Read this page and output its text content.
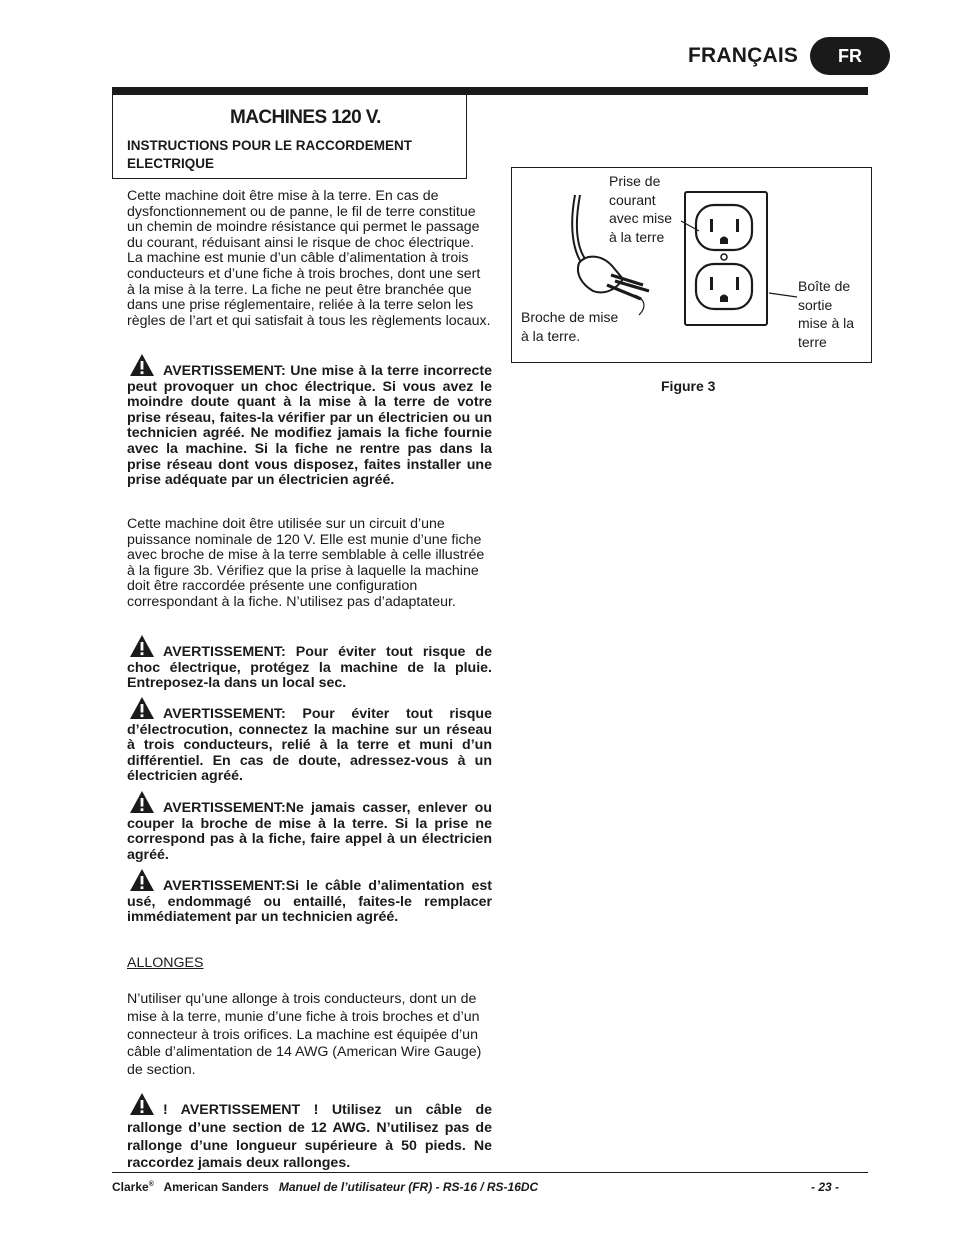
FRANÇAIS	FR
MACHINES 120 V.
INSTRUCTIONS POUR LE RACCORDEMENT ELECTRIQUE

Cette machine doit être mise à la terre. En cas de dysfonctionnement ou de panne, le fil de terre constitue un chemin de moindre résistance qui permet le passage du courant, réduisant ainsi le risque de choc électrique. La machine est munie d’un câble d’alimentation à trois conducteurs et d’une fiche à trois broches, dont une sert à la mise à la terre. La fiche ne peut être branchée que dans une prise réglementaire, reliée à la terre selon les règles de l’art et qui satisfait à tous les règlements locaux.

AVERTISSEMENT: Une mise à la terre incorrecte peut provoquer un choc électrique. Si vous avez le moindre doute quant à la mise à la terre de votre prise réseau, faites-la vérifier par un électricien ou un technicien agréé. Ne modifiez jamais la fiche fournie avec la machine. Si la fiche ne rentre pas dans la prise réseau dont vous disposez, faites installer une prise adéquate par un électricien agréé.

Cette machine doit être utilisée sur un circuit d’une puissance nominale de 120 V. Elle est munie d’une fiche avec broche de mise à la terre semblable à celle illustrée à la figure 3b. Vérifiez que la prise à laquelle la machine doit être raccordée présente une configuration correspondant à la fiche. N’utilisez pas d’adaptateur.

AVERTISSEMENT: Pour éviter tout risque de choc électrique, protégez la machine de la pluie. Entreposez-la dans un local sec.
AVERTISSEMENT: Pour éviter tout risque d’électrocution, connectez la machine sur un réseau à trois conducteurs, relié à la terre et muni d’un différentiel. En cas de doute, adressez-vous à un électricien agréé.
AVERTISSEMENT:Ne jamais casser, enlever ou couper la broche de mise à la terre. Si la prise ne correspond pas à la fiche, faire appel à un électricien agréé.
AVERTISSEMENT:Si le câble d’alimentation est usé, endommagé ou entaillé, faites-le remplacer immédiatement par un technicien agréé.
ALLONGES

N’utiliser qu’une allonge à trois conducteurs, dont un de mise à la terre, munie d’une fiche à trois broches et d’un connecteur à trois orifices. La machine est équipée d’un câble d’alimentation de 14 AWG (American Wire Gauge) de section.

! AVERTISSEMENT ! Utilisez un câble de rallonge d’une section de 12 AWG. N’utilisez pas de rallonge d’une longueur supérieure à 50 pieds. Ne raccordez jamais deux rallonges.
Prise de
courant
avec mise
à la terre
Broche de mise
à la terre.
Boîte de
sortie
mise à la
terre
Figure 3
Clarke® American Sanders Manuel de l’utilisateur (FR) - RS-16 / RS-16DC	- 23 -
